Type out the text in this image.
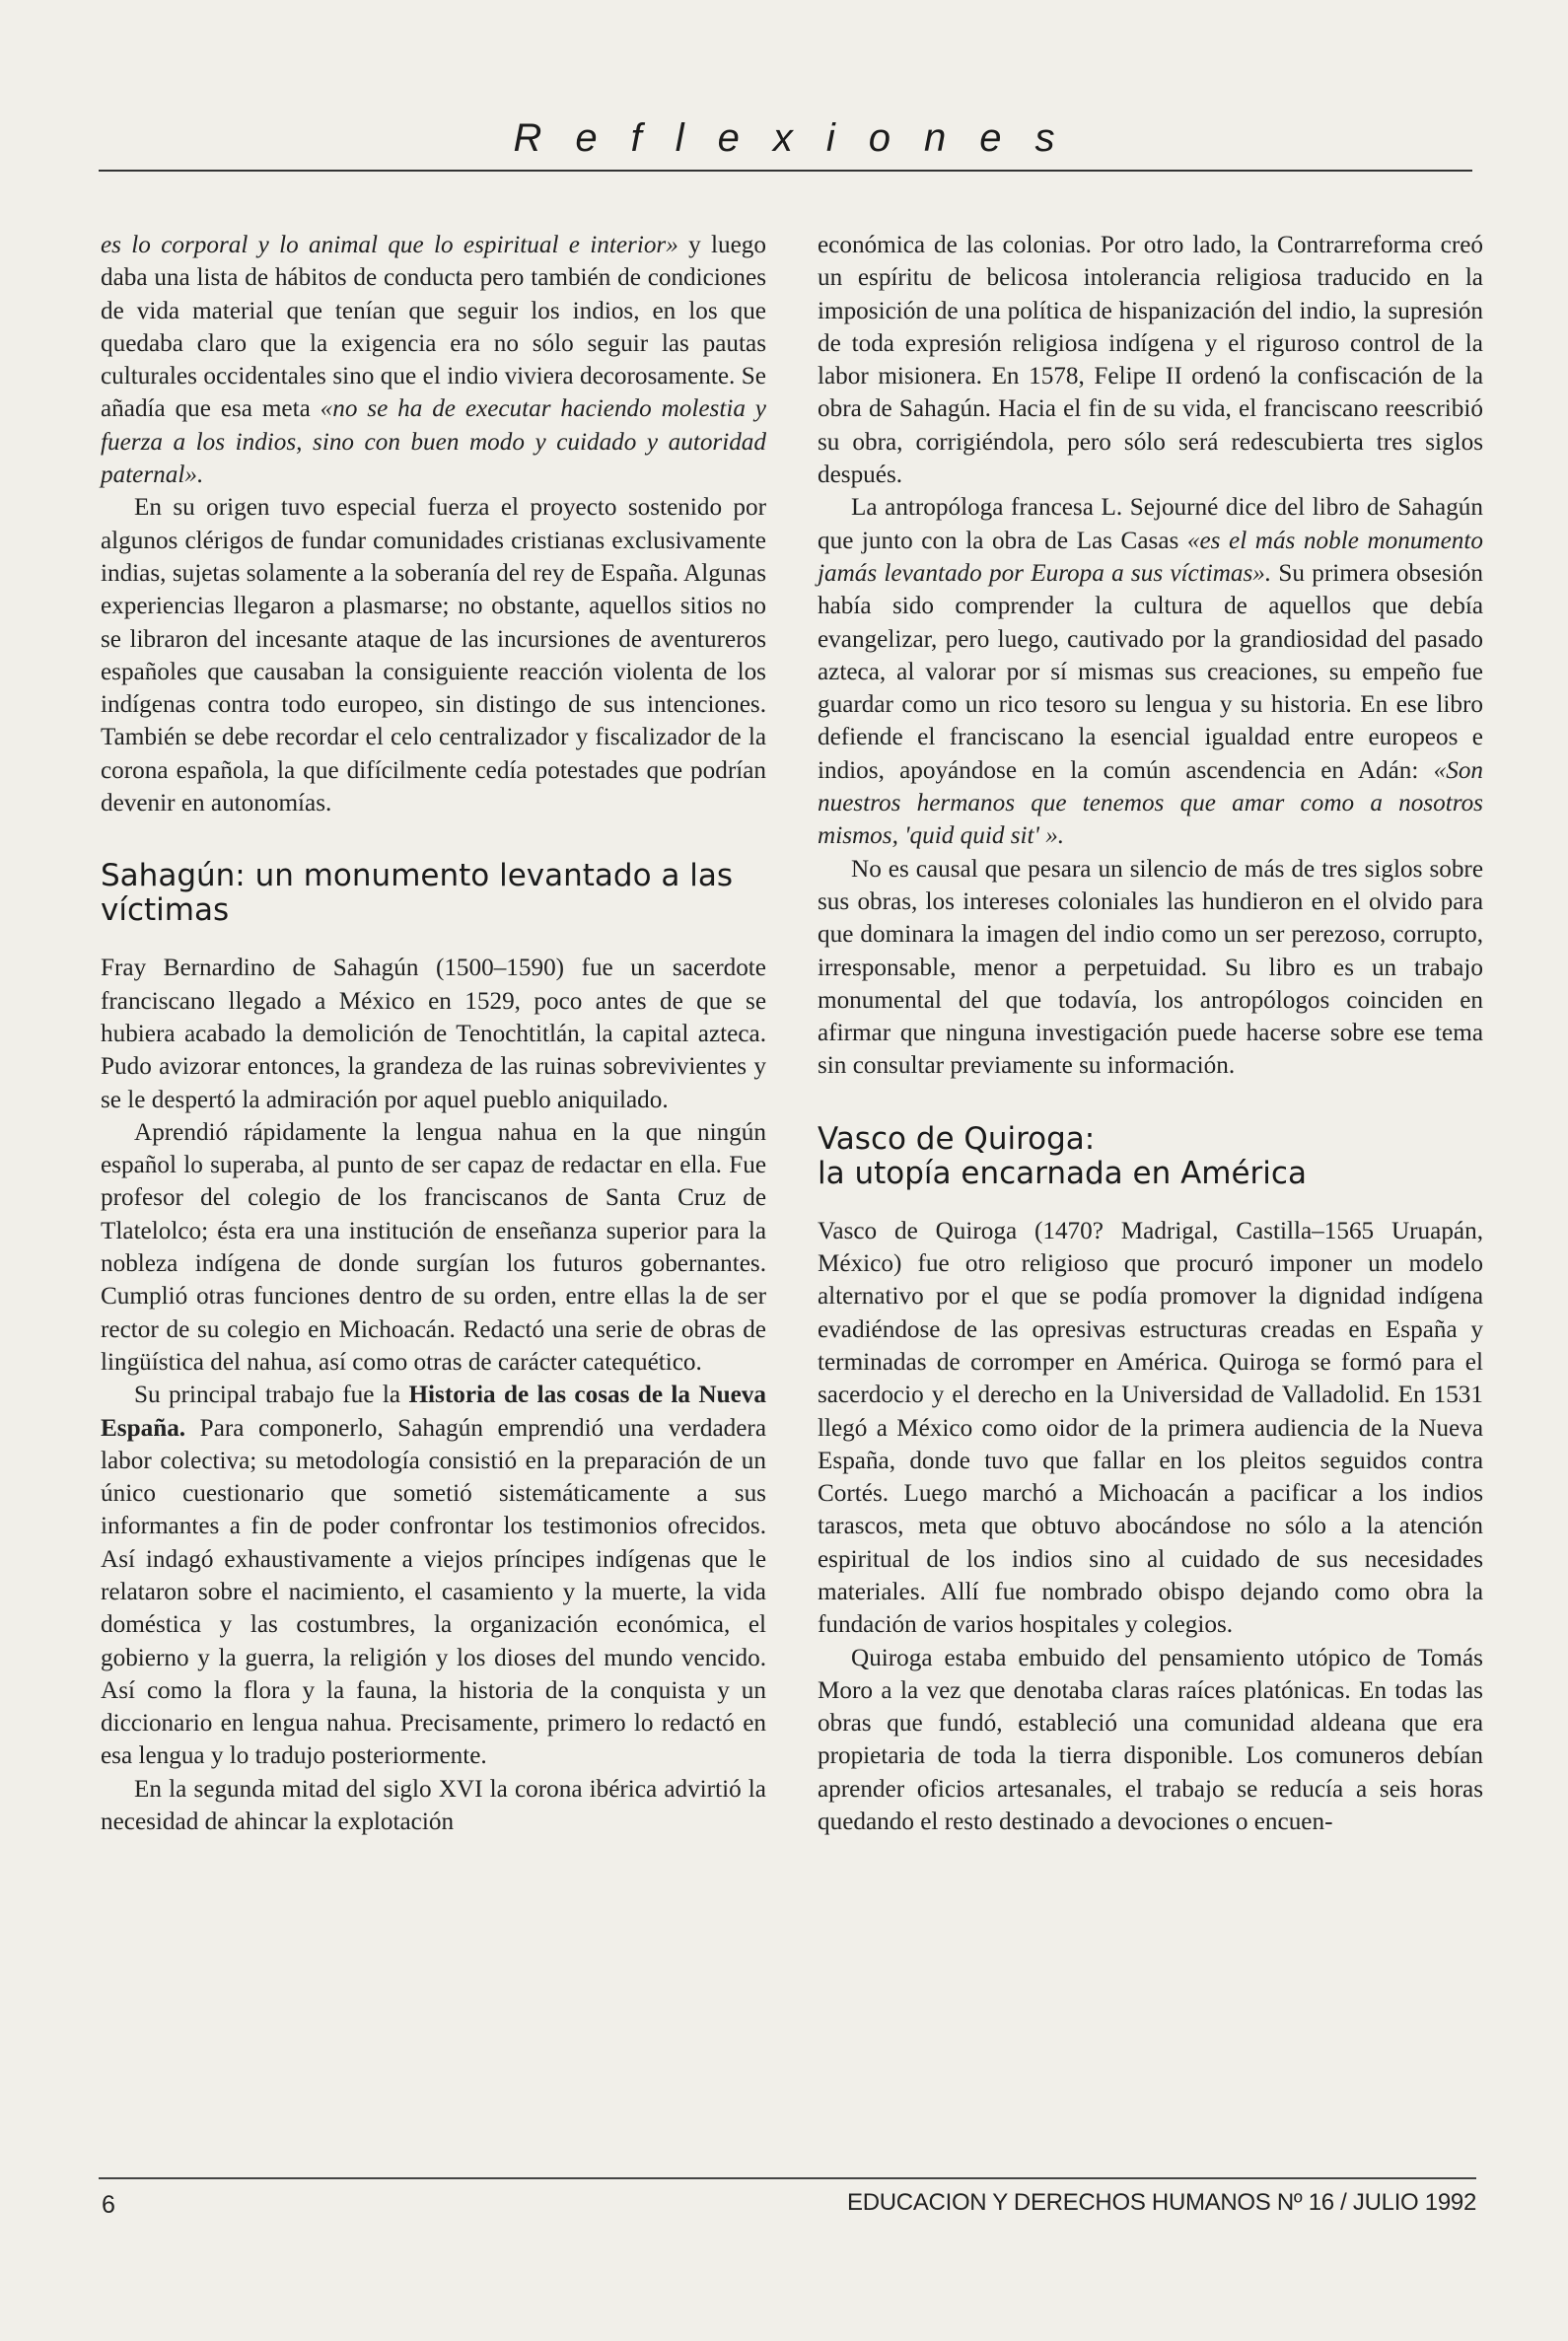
Reflexiones

es lo corporal y lo animal que lo espiritual e interior» y luego daba una lista de hábitos de conducta pero también de condiciones de vida material que tenían que seguir los indios, en los que quedaba claro que la exigencia era no sólo seguir las pautas culturales occidentales sino que el indio viviera decorosamente. Se añadía que esa meta «no se ha de executar haciendo molestia y fuerza a los indios, sino con buen modo y cuidado y autoridad paternal».

En su origen tuvo especial fuerza el proyecto sostenido por algunos clérigos de fundar comunidades cristianas exclusivamente indias, sujetas solamente a la soberanía del rey de España. Algunas experiencias llegaron a plasmarse; no obstante, aquellos sitios no se libraron del incesante ataque de las incursiones de aventureros españoles que causaban la consiguiente reacción violenta de los indígenas contra todo europeo, sin distingo de sus intenciones. También se debe recordar el celo centralizador y fiscalizador de la corona española, la que difícilmente cedía potestades que podrían devenir en autonomías.

Sahagún: un monumento levantado a las víctimas

Fray Bernardino de Sahagún (1500–1590) fue un sacerdote franciscano llegado a México en 1529, poco antes de que se hubiera acabado la demolición de Tenochtitlán, la capital azteca. Pudo avizorar entonces, la grandeza de las ruinas sobrevivientes y se le despertó la admiración por aquel pueblo aniquilado.

Aprendió rápidamente la lengua nahua en la que ningún español lo superaba, al punto de ser capaz de redactar en ella. Fue profesor del colegio de los franciscanos de Santa Cruz de Tlatelolco; ésta era una institución de enseñanza superior para la nobleza indígena de donde surgían los futuros gobernantes. Cumplió otras funciones dentro de su orden, entre ellas la de ser rector de su colegio en Michoacán. Redactó una serie de obras de lingüística del nahua, así como otras de carácter catequético.

Su principal trabajo fue la Historia de las cosas de la Nueva España. Para componerlo, Sahagún emprendió una verdadera labor colectiva; su metodología consistió en la preparación de un único cuestionario que sometió sistemáticamente a sus informantes a fin de poder confrontar los testimonios ofrecidos. Así indagó exhaustivamente a viejos príncipes indígenas que le relataron sobre el nacimiento, el casamiento y la muerte, la vida doméstica y las costumbres, la organización económica, el gobierno y la guerra, la religión y los dioses del mundo vencido. Así como la flora y la fauna, la historia de la conquista y un diccionario en lengua nahua. Precisamente, primero lo redactó en esa lengua y lo tradujo posteriormente.

En la segunda mitad del siglo XVI la corona ibérica advirtió la necesidad de ahincar la explotación

económica de las colonias. Por otro lado, la Contrarreforma creó un espíritu de belicosa intolerancia religiosa traducido en la imposición de una política de hispanización del indio, la supresión de toda expresión religiosa indígena y el riguroso control de la labor misionera. En 1578, Felipe II ordenó la confiscación de la obra de Sahagún. Hacia el fin de su vida, el franciscano reescribió su obra, corrigiéndola, pero sólo será redescubierta tres siglos después.

La antropóloga francesa L. Sejourné dice del libro de Sahagún que junto con la obra de Las Casas «es el más noble monumento jamás levantado por Europa a sus víctimas». Su primera obsesión había sido comprender la cultura de aquellos que debía evangelizar, pero luego, cautivado por la grandiosidad del pasado azteca, al valorar por sí mismas sus creaciones, su empeño fue guardar como un rico tesoro su lengua y su historia. En ese libro defiende el franciscano la esencial igualdad entre europeos e indios, apoyándose en la común ascendencia en Adán: «Son nuestros hermanos que tenemos que amar como a nosotros mismos, 'quid quid sit' ».

No es causal que pesara un silencio de más de tres siglos sobre sus obras, los intereses coloniales las hundieron en el olvido para que dominara la imagen del indio como un ser perezoso, corrupto, irresponsable, menor a perpetuidad. Su libro es un trabajo monumental del que todavía, los antropólogos coinciden en afirmar que ninguna investigación puede hacerse sobre ese tema sin consultar previamente su información.

Vasco de Quiroga:
la utopía encarnada en América

Vasco de Quiroga (1470? Madrigal, Castilla–1565 Uruapán, México) fue otro religioso que procuró imponer un modelo alternativo por el que se podía promover la dignidad indígena evadiéndose de las opresivas estructuras creadas en España y terminadas de corromper en América. Quiroga se formó para el sacerdocio y el derecho en la Universidad de Valladolid. En 1531 llegó a México como oidor de la primera audiencia de la Nueva España, donde tuvo que fallar en los pleitos seguidos contra Cortés. Luego marchó a Michoacán a pacificar a los indios tarascos, meta que obtuvo abocándose no sólo a la atención espiritual de los indios sino al cuidado de sus necesidades materiales. Allí fue nombrado obispo dejando como obra la fundación de varios hospitales y colegios.

Quiroga estaba embuido del pensamiento utópico de Tomás Moro a la vez que denotaba claras raíces platónicas. En todas las obras que fundó, estableció una comunidad aldeana que era propietaria de toda la tierra disponible. Los comuneros debían aprender oficios artesanales, el trabajo se reducía a seis horas quedando el resto destinado a devociones o encuen-

6	EDUCACION Y DERECHOS HUMANOS Nº 16 / JULIO 1992
